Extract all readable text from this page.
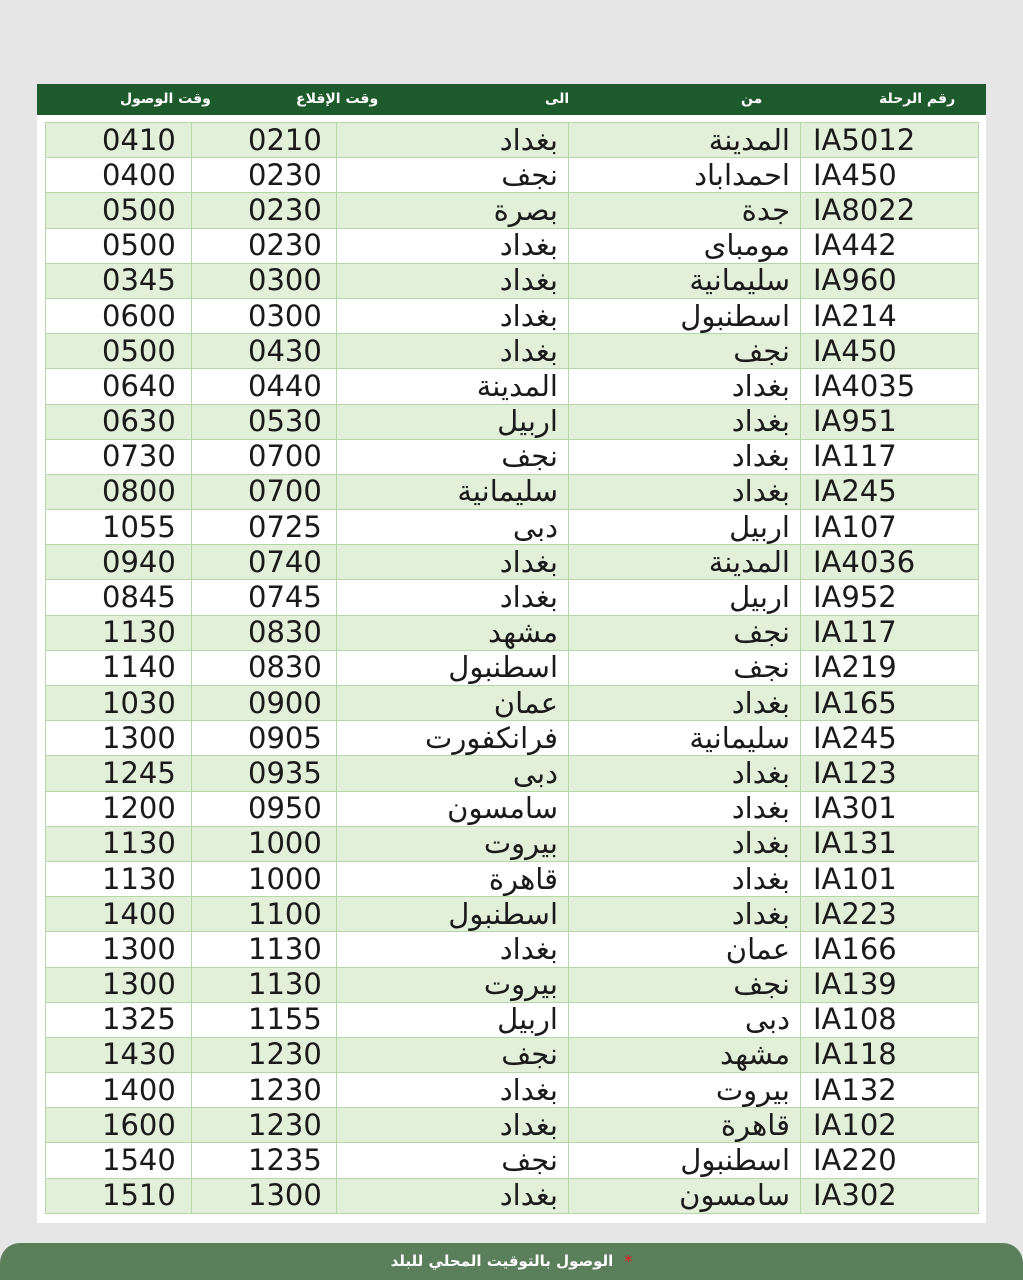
وقت الوصول	وقت الإقلاع	الى	من	رقم الرحلة
0410	0210	بغداد	المدينة	IA5012
0400	0230	نجف	احمداباد	IA450
0500	0230	بصرة	جدة	IA8022
0500	0230	بغداد	مومباى	IA442
0345	0300	بغداد	سليمانية	IA960
0600	0300	بغداد	اسطنبول	IA214
0500	0430	بغداد	نجف	IA450
0640	0440	المدينة	بغداد	IA4035
0630	0530	اربيل	بغداد	IA951
0730	0700	نجف	بغداد	IA117
0800	0700	سليمانية	بغداد	IA245
1055	0725	دبى	اربيل	IA107
0940	0740	بغداد	المدينة	IA4036
0845	0745	بغداد	اربيل	IA952
1130	0830	مشهد	نجف	IA117
1140	0830	اسطنبول	نجف	IA219
1030	0900	عمان	بغداد	IA165
1300	0905	فرانكفورت	سليمانية	IA245
1245	0935	دبى	بغداد	IA123
1200	0950	سامسون	بغداد	IA301
1130	1000	بيروت	بغداد	IA131
1130	1000	قاهرة	بغداد	IA101
1400	1100	اسطنبول	بغداد	IA223
1300	1130	بغداد	عمان	IA166
1300	1130	بيروت	نجف	IA139
1325	1155	اربيل	دبى	IA108
1430	1230	نجف	مشهد	IA118
1400	1230	بغداد	بيروت	IA132
1600	1230	بغداد	قاهرة	IA102
1540	1235	نجف	اسطنبول	IA220
1510	1300	بغداد	سامسون	IA302
* الوصول بالتوقيت المحلي للبلد
